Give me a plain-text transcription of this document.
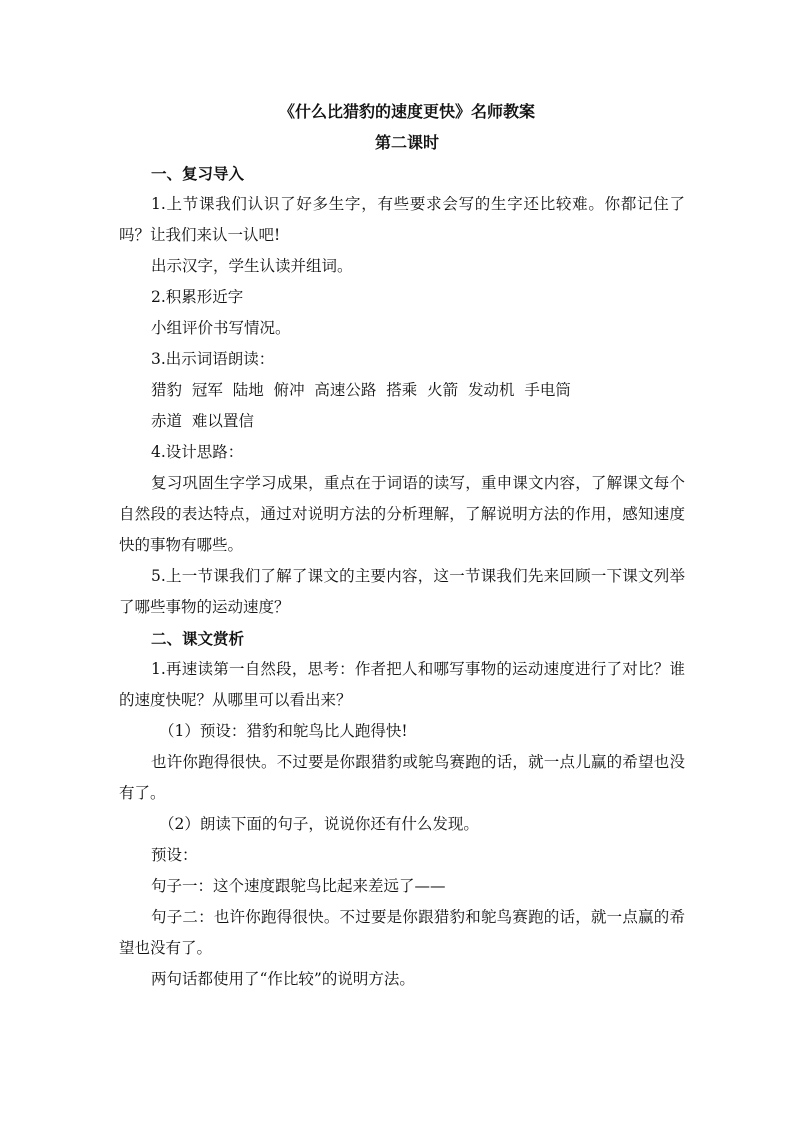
《什么比猎豹的速度更快》名师教案

第二课时

一、复习导入

1.上节课我们认识了好多生字，有些要求会写的生字还比较难。你都记住了吗？让我们来认一认吧!

出示汉字，学生认读并组词。

2.积累形近字

小组评价书写情况。

3.出示词语朗读：

猎豹  冠军  陆地  俯冲  高速公路  搭乘  火箭  发动机  手电筒

赤道  难以置信

4.设计思路：

复习巩固生字学习成果，重点在于词语的读写，重申课文内容，了解课文每个自然段的表达特点，通过对说明方法的分析理解，了解说明方法的作用，感知速度快的事物有哪些。

5.上一节课我们了解了课文的主要内容，这一节课我们先来回顾一下课文列举了哪些事物的运动速度？

二、课文赏析

1.再速读第一自然段，思考：作者把人和哪写事物的运动速度进行了对比？谁的速度快呢？从哪里可以看出来？

（1）预设：猎豹和鸵鸟比人跑得快!

也许你跑得很快。不过要是你跟猎豹或鸵鸟赛跑的话，就一点儿赢的希望也没有了。

（2）朗读下面的句子，说说你还有什么发现。

预设：

句子一：这个速度跟鸵鸟比起来差远了——

句子二：也许你跑得很快。不过要是你跟猎豹和鸵鸟赛跑的话，就一点赢的希望也没有了。

两句话都使用了“作比较”的说明方法。
